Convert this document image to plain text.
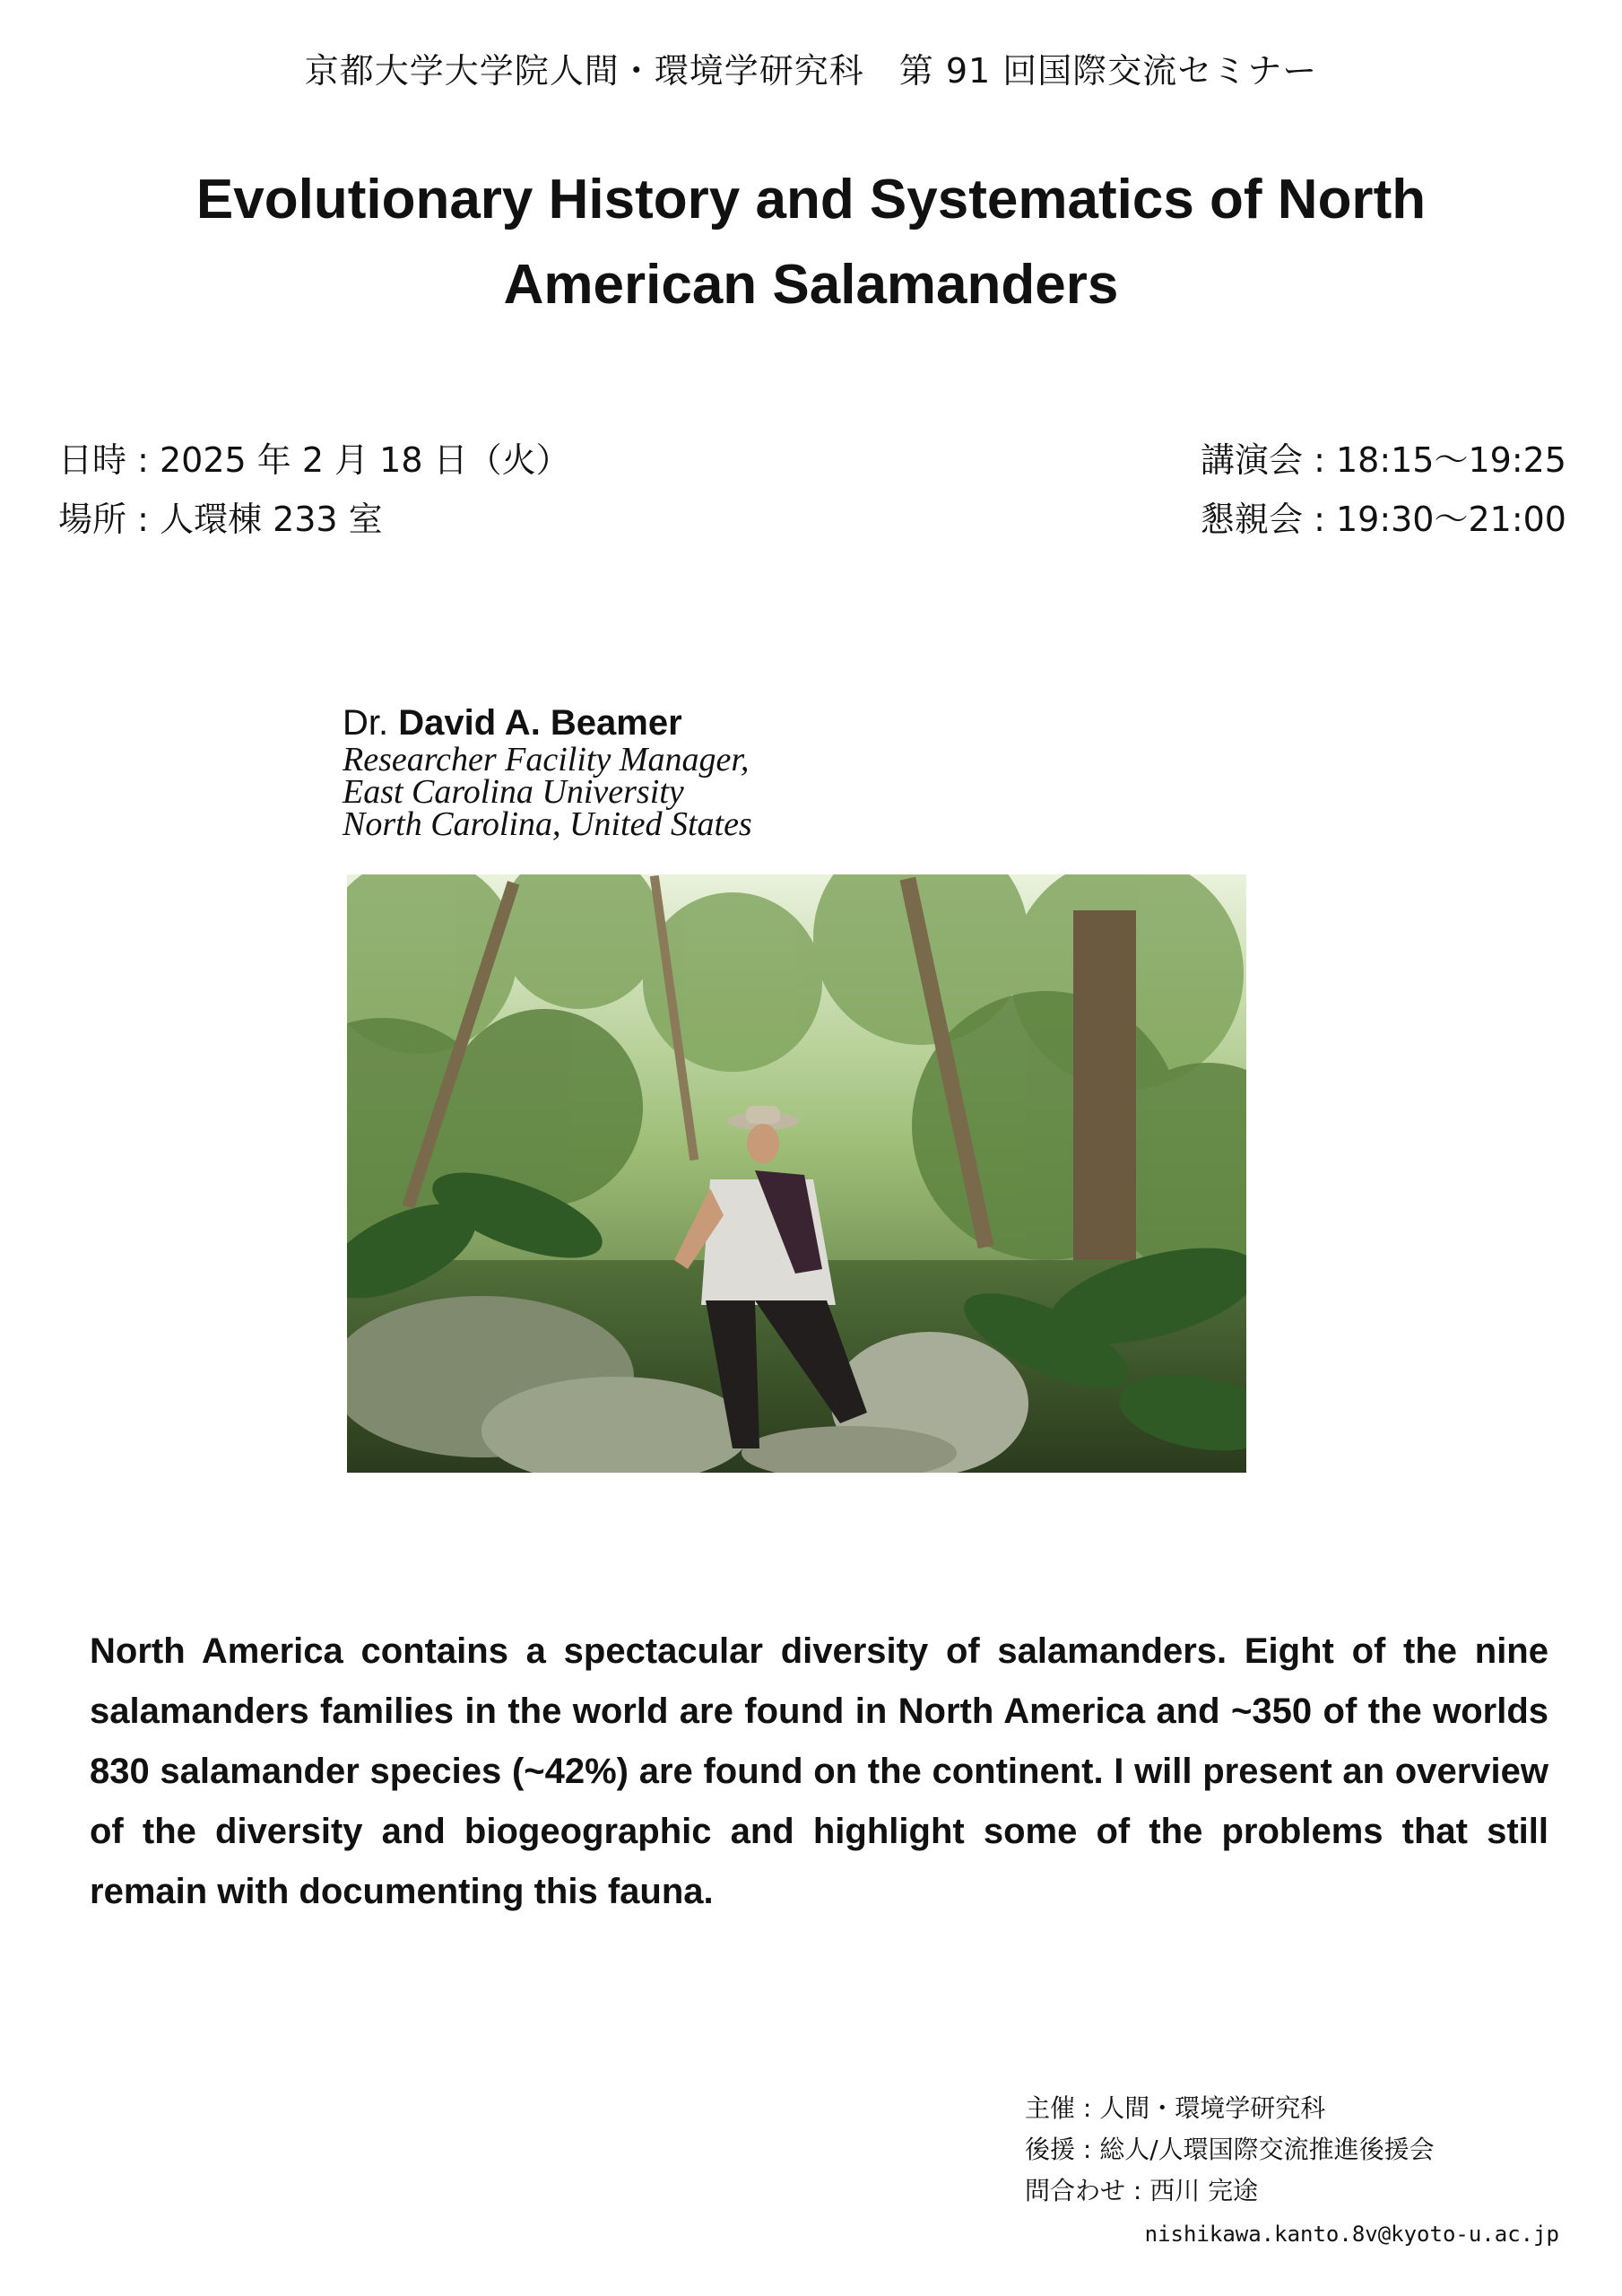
京都大学大学院人間・環境学研究科　第 91 回国際交流セミナー
Evolutionary History and Systematics of North
American Salamanders
日時 : 2025 年 2 月 18 日（火）
場所 : 人環棟 233 室
講演会 : 18:15〜19:25
懇親会 : 19:30〜21:00
Dr. David A. Beamer
Researcher Facility Manager,
East Carolina University
North Carolina, United States
North America contains a spectacular diversity of salamanders. Eight of the nine salamanders families in the world are found in North America and ~350 of the worlds 830 salamander species (~42%) are found on the continent. I will present an overview of the diversity and biogeographic and highlight some of the problems that still remain with documenting this fauna.
主催 : 人間・環境学研究科
後援 : 総人/人環国際交流推進後援会
問合わせ : 西川 完途
nishikawa.kanto.8v@kyoto-u.ac.jp
